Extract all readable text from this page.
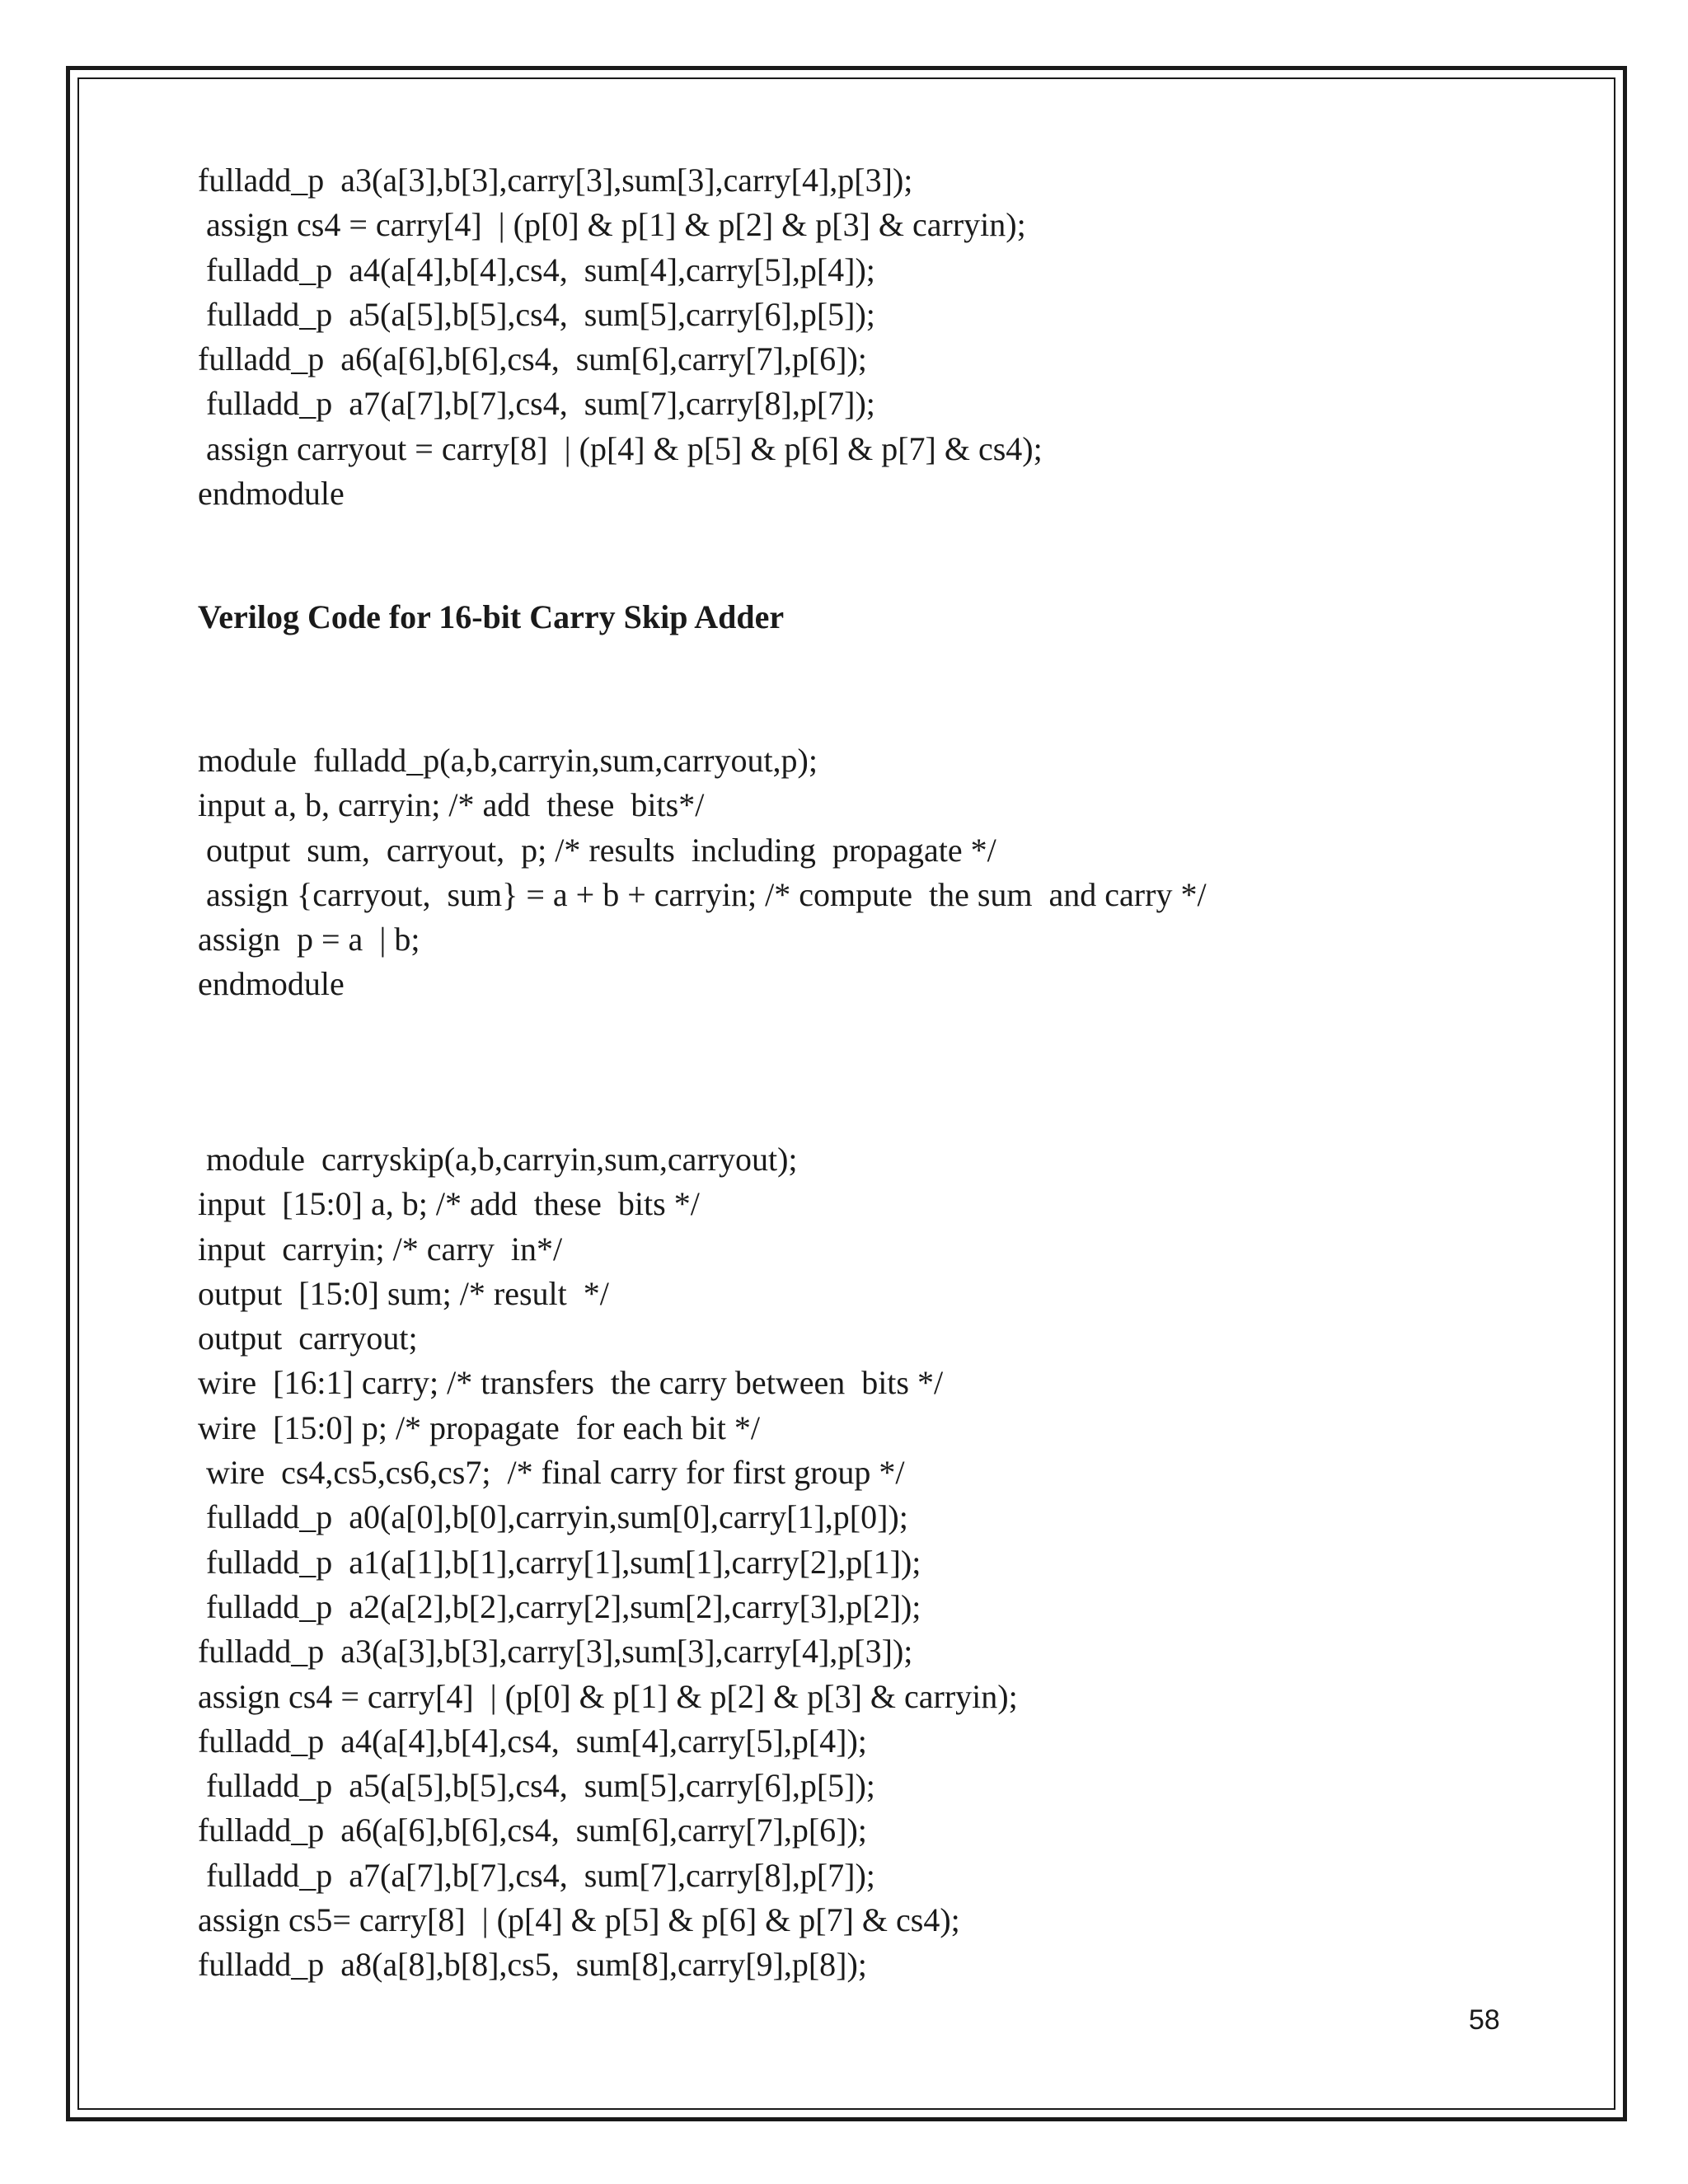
fulladd_p  a3(a[3],b[3],carry[3],sum[3],carry[4],p[3]);
assign cs4 = carry[4]  | (p[0] & p[1] & p[2] & p[3] & carryin);
fulladd_p  a4(a[4],b[4],cs4,  sum[4],carry[5],p[4]);
fulladd_p  a5(a[5],b[5],cs4,  sum[5],carry[6],p[5]);
fulladd_p  a6(a[6],b[6],cs4,  sum[6],carry[7],p[6]);
fulladd_p  a7(a[7],b[7],cs4,  sum[7],carry[8],p[7]);
assign carryout = carry[8]  | (p[4] & p[5] & p[6] & p[7] & cs4);
endmodule
Verilog Code for 16-bit Carry Skip Adder
module  fulladd_p(a,b,carryin,sum,carryout,p);
input a, b, carryin; /* add  these  bits*/
output  sum,  carryout,  p; /* results  including  propagate */
assign {carryout,  sum} = a + b + carryin; /* compute  the sum  and carry */
assign  p = a  | b;
endmodule
module  carryskip(a,b,carryin,sum,carryout);
input  [15:0] a, b; /* add  these  bits */
input  carryin; /* carry  in*/
output  [15:0] sum; /* result  */
output  carryout;
wire  [16:1] carry; /* transfers  the carry between  bits */
wire  [15:0] p; /* propagate  for each bit */
wire  cs4,cs5,cs6,cs7;  /* final carry for first group */
fulladd_p  a0(a[0],b[0],carryin,sum[0],carry[1],p[0]);
fulladd_p  a1(a[1],b[1],carry[1],sum[1],carry[2],p[1]);
fulladd_p  a2(a[2],b[2],carry[2],sum[2],carry[3],p[2]);
fulladd_p  a3(a[3],b[3],carry[3],sum[3],carry[4],p[3]);
assign cs4 = carry[4]  | (p[0] & p[1] & p[2] & p[3] & carryin);
fulladd_p  a4(a[4],b[4],cs4,  sum[4],carry[5],p[4]);
fulladd_p  a5(a[5],b[5],cs4,  sum[5],carry[6],p[5]);
fulladd_p  a6(a[6],b[6],cs4,  sum[6],carry[7],p[6]);
fulladd_p  a7(a[7],b[7],cs4,  sum[7],carry[8],p[7]);
assign cs5= carry[8]  | (p[4] & p[5] & p[6] & p[7] & cs4);
fulladd_p  a8(a[8],b[8],cs5,  sum[8],carry[9],p[8]);
58
